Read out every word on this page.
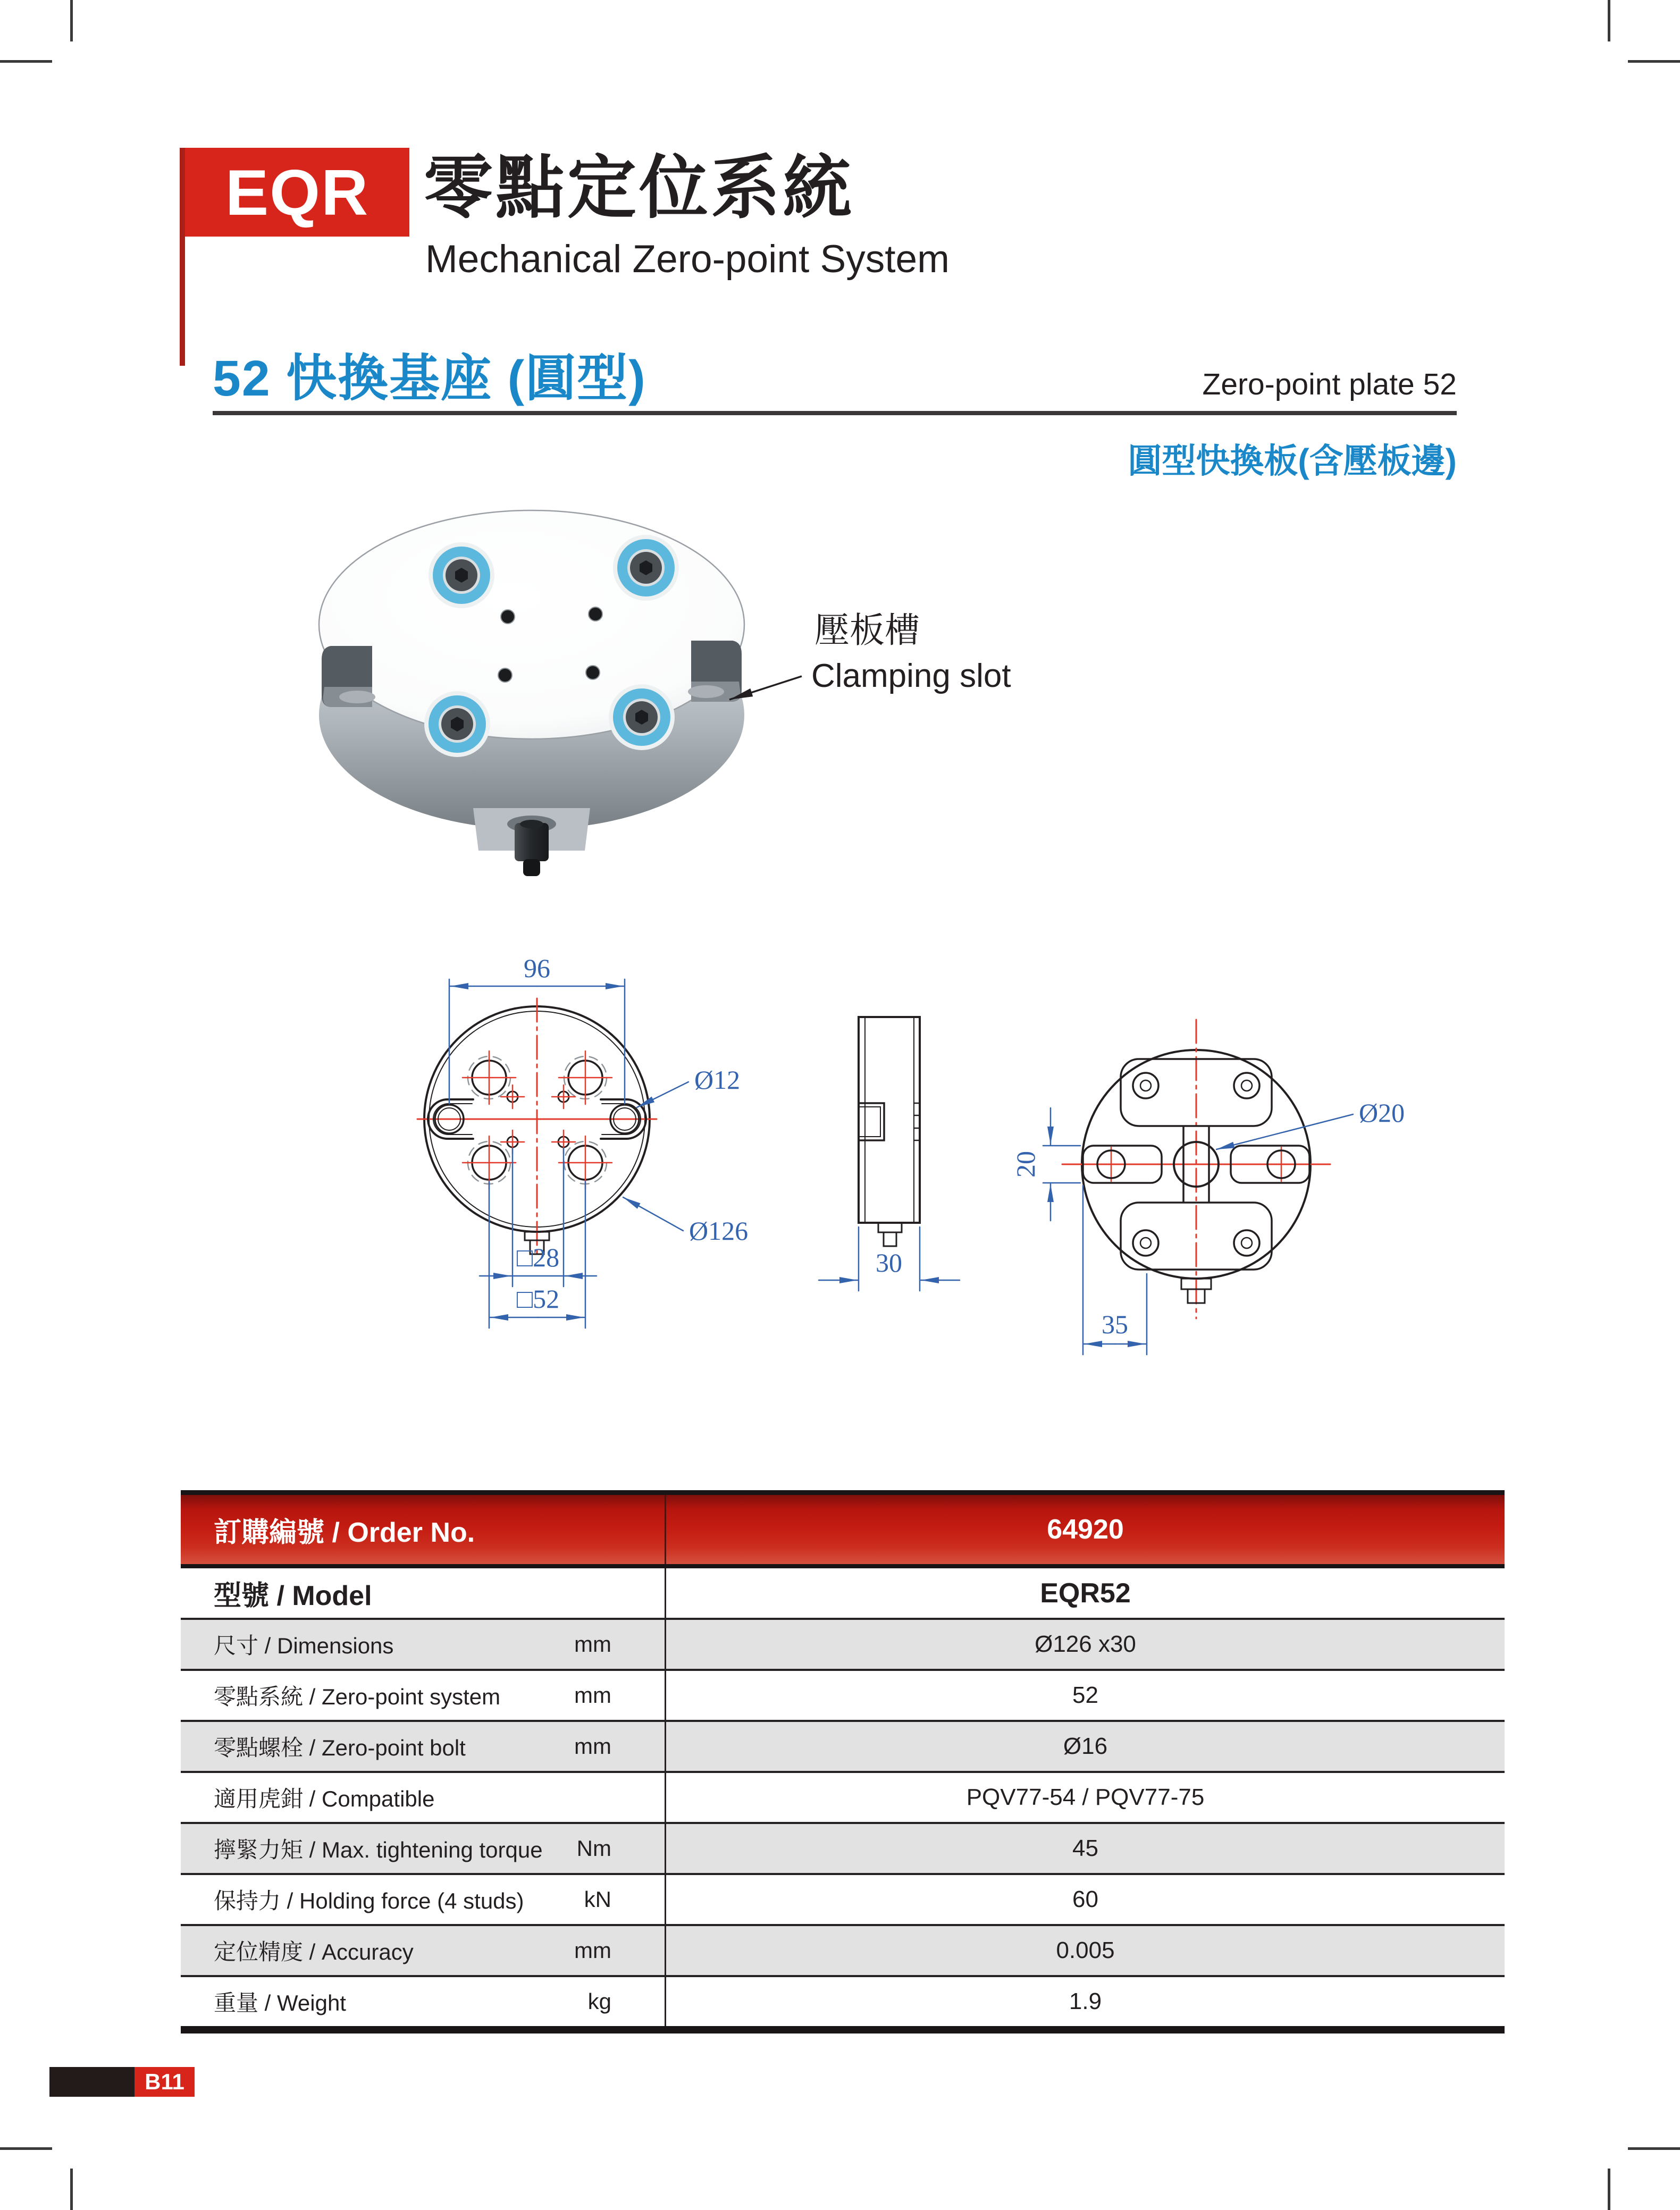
EQR 零點定位系統
Mechanical Zero-point System
52 快換基座 (圓型)	Zero-point plate 52
圓型快換板(含壓板邊)
壓板槽
Clamping slot
96
Ø12
Ø126
□28
□52
30
20
35
Ø20
訂購編號 / Order No.	64920
型號 / Model	EQR52
尺寸 / Dimensions	mm	Ø126 x30
零點系統 / Zero-point system	mm	52
零點螺栓 / Zero-point bolt	mm	Ø16
適用虎鉗 / Compatible	PQV77-54 / PQV77-75
擰緊力矩 / Max. tightening torque	Nm	45
保持力 / Holding force (4 studs)	kN	60
定位精度 / Accuracy	mm	0.005
重量 / Weight	kg	1.9
B11
